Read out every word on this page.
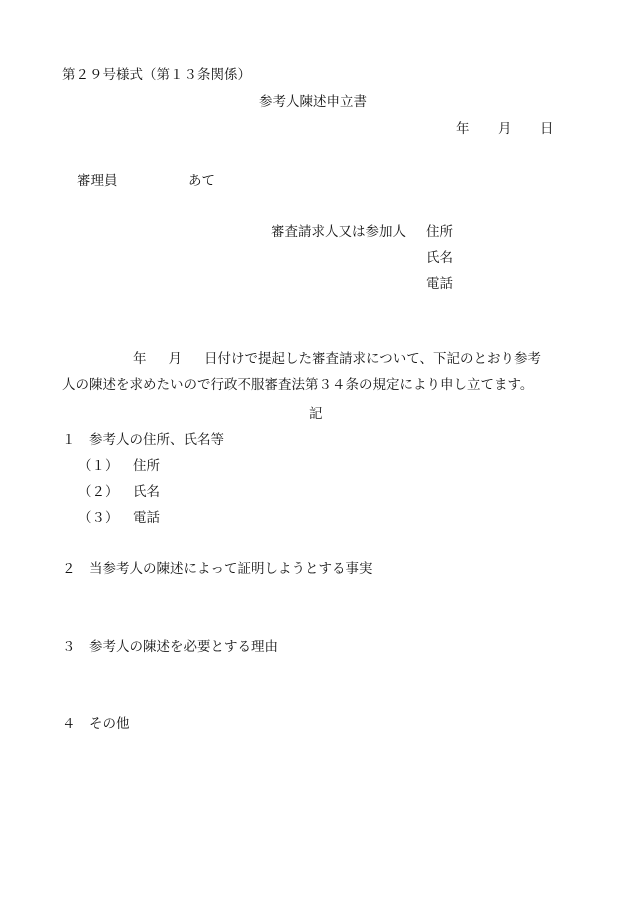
第２９号様式（第１３条関係）
参考人陳述申立書
年 月 日
審理員	あて
審査請求人又は参加人 住所
氏名
電話
年 月 日付けで提起した審査請求について、下記のとおり参考
人の陳述を求めたいので行政不服審査法第３４条の規定により申し立てます。
記
１　参考人の住所、氏名等
（１） 住所
（２） 氏名
（３） 電話
２　当参考人の陳述によって証明しようとする事実
３　参考人の陳述を必要とする理由
４　その他
